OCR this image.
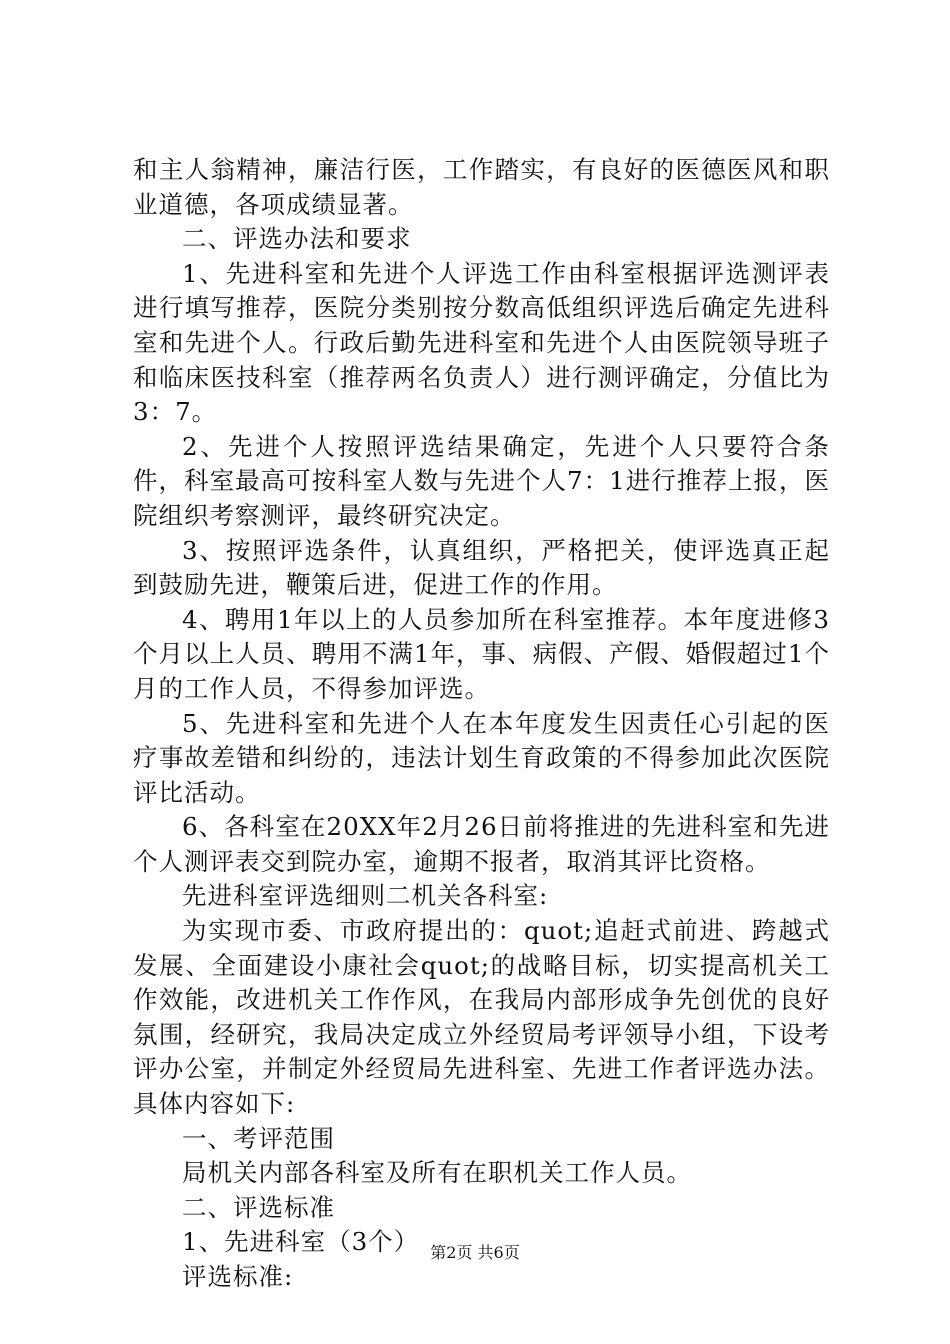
和主人翁精神，廉洁行医，工作踏实，有良好的医德医风和职业道德，各项成绩显著。

二、评选办法和要求

1、先进科室和先进个人评选工作由科室根据评选测评表进行填写推荐，医院分类别按分数高低组织评选后确定先进科室和先进个人。行政后勤先进科室和先进个人由医院领导班子和临床医技科室（推荐两名负责人）进行测评确定，分值比为3：7。

2、先进个人按照评选结果确定，先进个人只要符合条件，科室最高可按科室人数与先进个人7：1进行推荐上报，医院组织考察测评，最终研究决定。

3、按照评选条件，认真组织，严格把关，使评选真正起到鼓励先进，鞭策后进，促进工作的作用。

4、聘用1年以上的人员参加所在科室推荐。本年度进修3个月以上人员、聘用不满1年，事、病假、产假、婚假超过1个月的工作人员，不得参加评选。

5、先进科室和先进个人在本年度发生因责任心引起的医疗事故差错和纠纷的，违法计划生育政策的不得参加此次医院评比活动。

6、各科室在20XX年2月26日前将推进的先进科室和先进个人测评表交到院办室，逾期不报者，取消其评比资格。

先进科室评选细则二机关各科室:

为实现市委、市政府提出的：quot;追赶式前进、跨越式发展、全面建设小康社会quot;的战略目标，切实提高机关工作效能，改进机关工作作风，在我局内部形成争先创优的良好氛围，经研究，我局决定成立外经贸局考评领导小组，下设考评办公室，并制定外经贸局先进科室、先进工作者评选办法。具体内容如下:

一、考评范围

局机关内部各科室及所有在职机关工作人员。

二、评选标准

1、先进科室（3个）

评选标准:

第2页 共6页
